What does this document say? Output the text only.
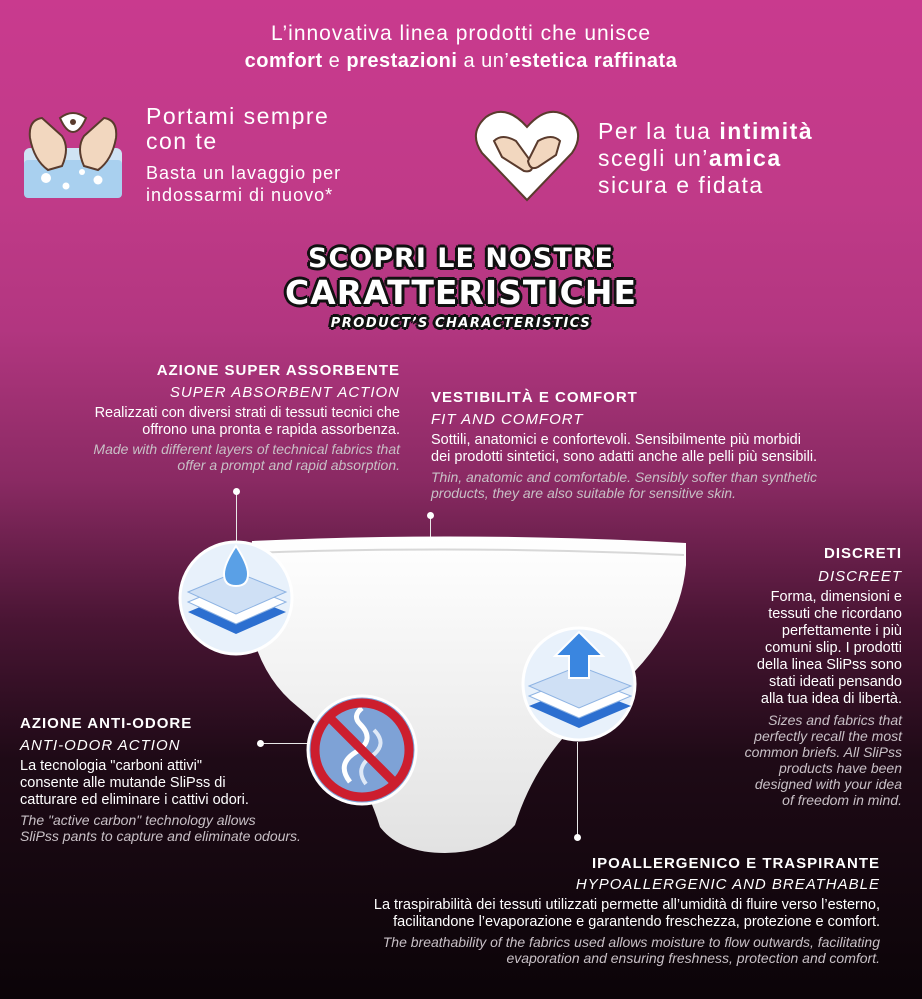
L’innovativa linea prodotti che unisce
comfort e prestazioni a un’estetica raffinata
Portami sempre
con te
Basta un lavaggio per
indossarmi di nuovo*
Per la tua intimità
scegli un’amica
sicura e fidata
SCOPRI LE NOSTRE
CARATTERISTICHE
PRODUCT’S CHARACTERISTICS
AZIONE SUPER ASSORBENTE
SUPER ABSORBENT ACTION
Realizzati con diversi strati di tessuti tecnici che
offrono una pronta e rapida assorbenza.
Made with different layers of technical fabrics that
offer a prompt and rapid absorption.
VESTIBILITÀ E COMFORT
FIT AND COMFORT
Sottili, anatomici e confortevoli. Sensibilmente più morbidi
dei prodotti sintetici, sono adatti anche alle pelli più sensibili.
Thin, anatomic and comfortable. Sensibly softer than synthetic
products, they are also suitable for sensitive skin.
DISCRETI
DISCREET
Forma, dimensioni e
tessuti che ricordano
perfettamente i più
comuni slip. I prodotti
della linea SliPss sono
stati ideati pensando
alla tua idea di libertà.
Sizes and fabrics that
perfectly recall the most
common briefs. All SliPss
products have been
designed with your idea
of freedom in mind.
AZIONE ANTI-ODORE
ANTI-ODOR ACTION
La tecnologia "carboni attivi"
consente alle mutande SliPss di
catturare ed eliminare i cattivi odori.
The "active carbon" technology allows
SliPss pants to capture and eliminate odours.
IPOALLERGENICO E TRASPIRANTE
HYPOALLERGENIC AND BREATHABLE
La traspirabilità dei tessuti utilizzati permette all’umidità di fluire verso l’esterno,
facilitandone l’evaporazione e garantendo freschezza, protezione e comfort.
The breathability of the fabrics used allows moisture to flow outwards, facilitating
evaporation and ensuring freshness, protection and comfort.
